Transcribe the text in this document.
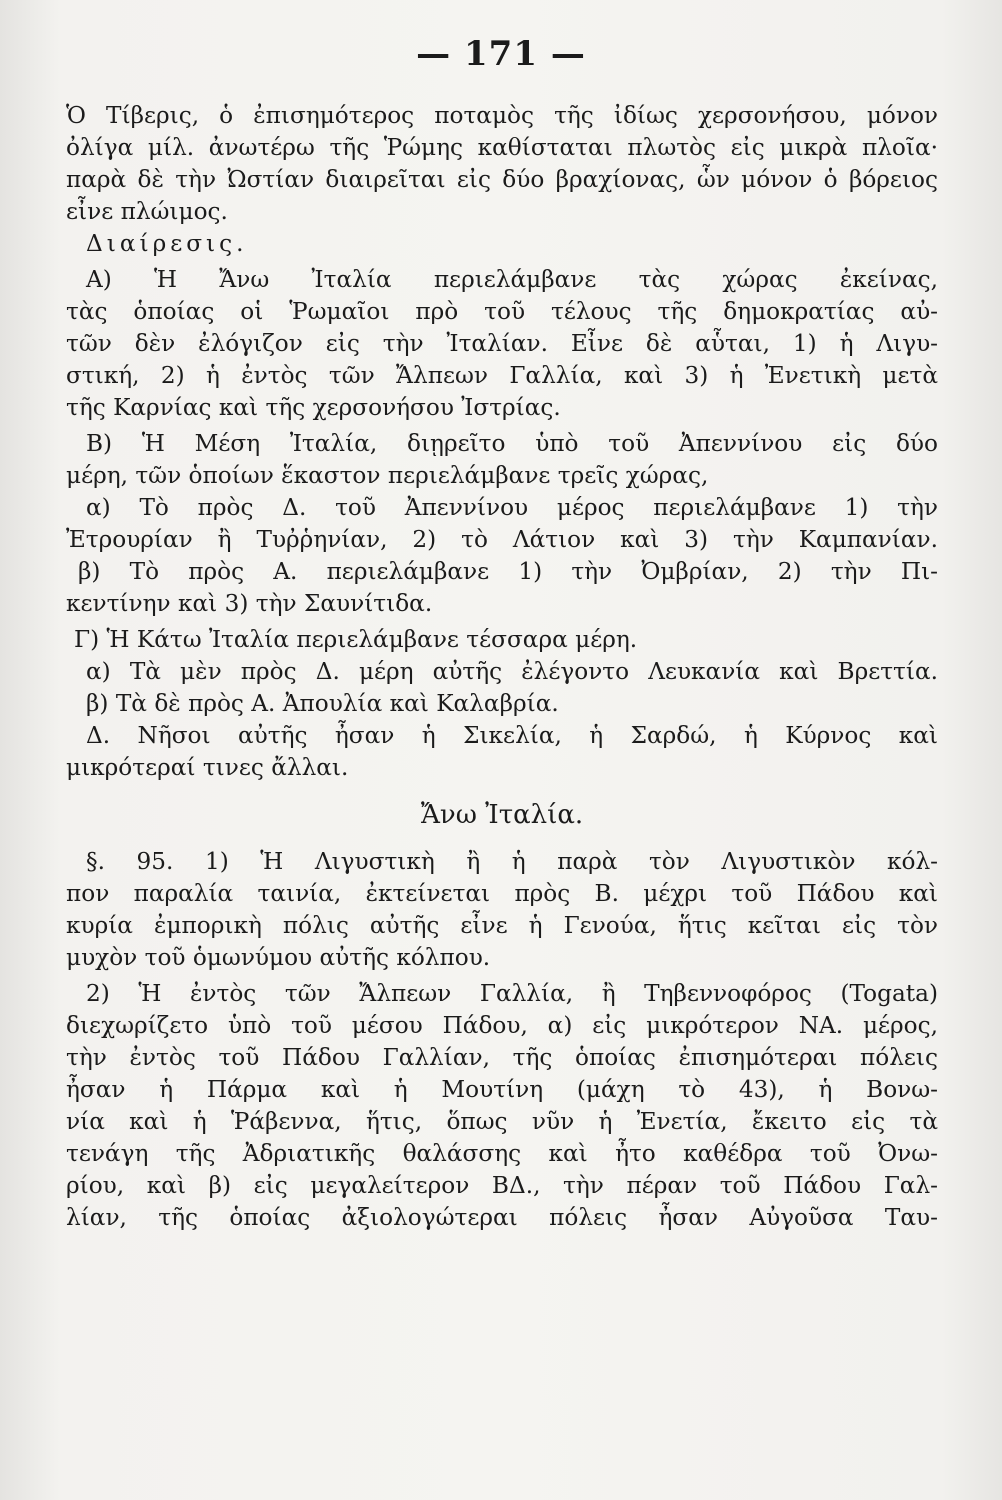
— 171 —
Ὁ Τίβερις, ὁ ἐπισημότερος ποταμὸς τῆς ἰδίως χερσονήσου, μόνον
ὀλίγα μίλ. ἀνωτέρω τῆς Ῥώμης καθίσταται πλωτὸς εἰς μικρὰ πλοῖα·
παρὰ δὲ τὴν Ὠστίαν διαιρεῖται εἰς δύο βραχίονας, ὧν μόνον ὁ βόρειος
εἶνε πλώιμος.
Διαίρεσις.
Α) Ἡ Ἄνω Ἰταλία περιελάμβανε τὰς χώρας ἐκείνας,
τὰς ὁποίας οἱ Ῥωμαῖοι πρὸ τοῦ τέλους τῆς δημοκρατίας αὐ-
τῶν δὲν ἐλόγιζον εἰς τὴν Ἰταλίαν. Εἶνε δὲ αὗται, 1) ἡ Λιγυ-
στική, 2) ἡ ἐντὸς τῶν Ἄλπεων Γαλλία, καὶ 3) ἡ Ἐνετικὴ μετὰ
τῆς Καρνίας καὶ τῆς χερσονήσου Ἰστρίας.
Β) Ἡ Μέση Ἰταλία, διῃρεῖτο ὑπὸ τοῦ Ἀπεννίνου εἰς δύο
μέρη, τῶν ὁποίων ἕκαστον περιελάμβανε τρεῖς χώρας,
α) Τὸ πρὸς Δ. τοῦ Ἀπεννίνου μέρος περιελάμβανε 1) τὴν
Ἐτρουρίαν ἢ Τυῤῥηνίαν, 2) τὸ Λάτιον καὶ 3) τὴν Καμπανίαν.
β) Τὸ πρὸς Α. περιελάμβανε 1) τὴν Ὀμβρίαν, 2) τὴν Πι-
κεντίνην καὶ 3) τὴν Σαυνίτιδα.
Γ) Ἡ Κάτω Ἰταλία περιελάμβανε τέσσαρα μέρη.
α) Τὰ μὲν πρὸς Δ. μέρη αὐτῆς ἐλέγοντο Λευκανία καὶ Βρεττία.
β) Τὰ δὲ πρὸς Α. Ἀπουλία καὶ Καλαβρία.
Δ. Νῆσοι αὐτῆς ἦσαν ἡ Σικελία, ἡ Σαρδώ, ἡ Κύρνος καὶ
μικρότεραί τινες ἄλλαι.
Ἄνω Ἰταλία.
§. 95. 1) Ἡ Λιγυστικὴ ἢ ἡ παρὰ τὸν Λιγυστικὸν κόλ-
πον παραλία ταινία, ἐκτείνεται πρὸς Β. μέχρι τοῦ Πάδου καὶ
κυρία ἐμπορικὴ πόλις αὐτῆς εἶνε ἡ Γενούα, ἥτις κεῖται εἰς τὸν
μυχὸν τοῦ ὁμωνύμου αὐτῆς κόλπου.
2) Ἡ ἐντὸς τῶν Ἄλπεων Γαλλία, ἢ Τηβεννοφόρος (Togata)
διεχωρίζετο ὑπὸ τοῦ μέσου Πάδου, α) εἰς μικρότερον ΝΑ. μέρος,
τὴν ἐντὸς τοῦ Πάδου Γαλλίαν, τῆς ὁποίας ἐπισημότεραι πόλεις
ἦσαν ἡ Πάρμα καὶ ἡ Μουτίνη (μάχη τὸ 43), ἡ Βονω-
νία καὶ ἡ Ῥάβεννα, ἥτις, ὅπως νῦν ἡ Ἐνετία, ἔκειτο εἰς τὰ
τενάγη τῆς Ἀδριατικῆς θαλάσσης καὶ ἦτο καθέδρα τοῦ Ὀνω-
ρίου, καὶ β) εἰς μεγαλείτερον ΒΔ., τὴν πέραν τοῦ Πάδου Γαλ-
λίαν, τῆς ὁποίας ἀξιολογώτεραι πόλεις ἦσαν Αὐγοῦσα Ταυ-
